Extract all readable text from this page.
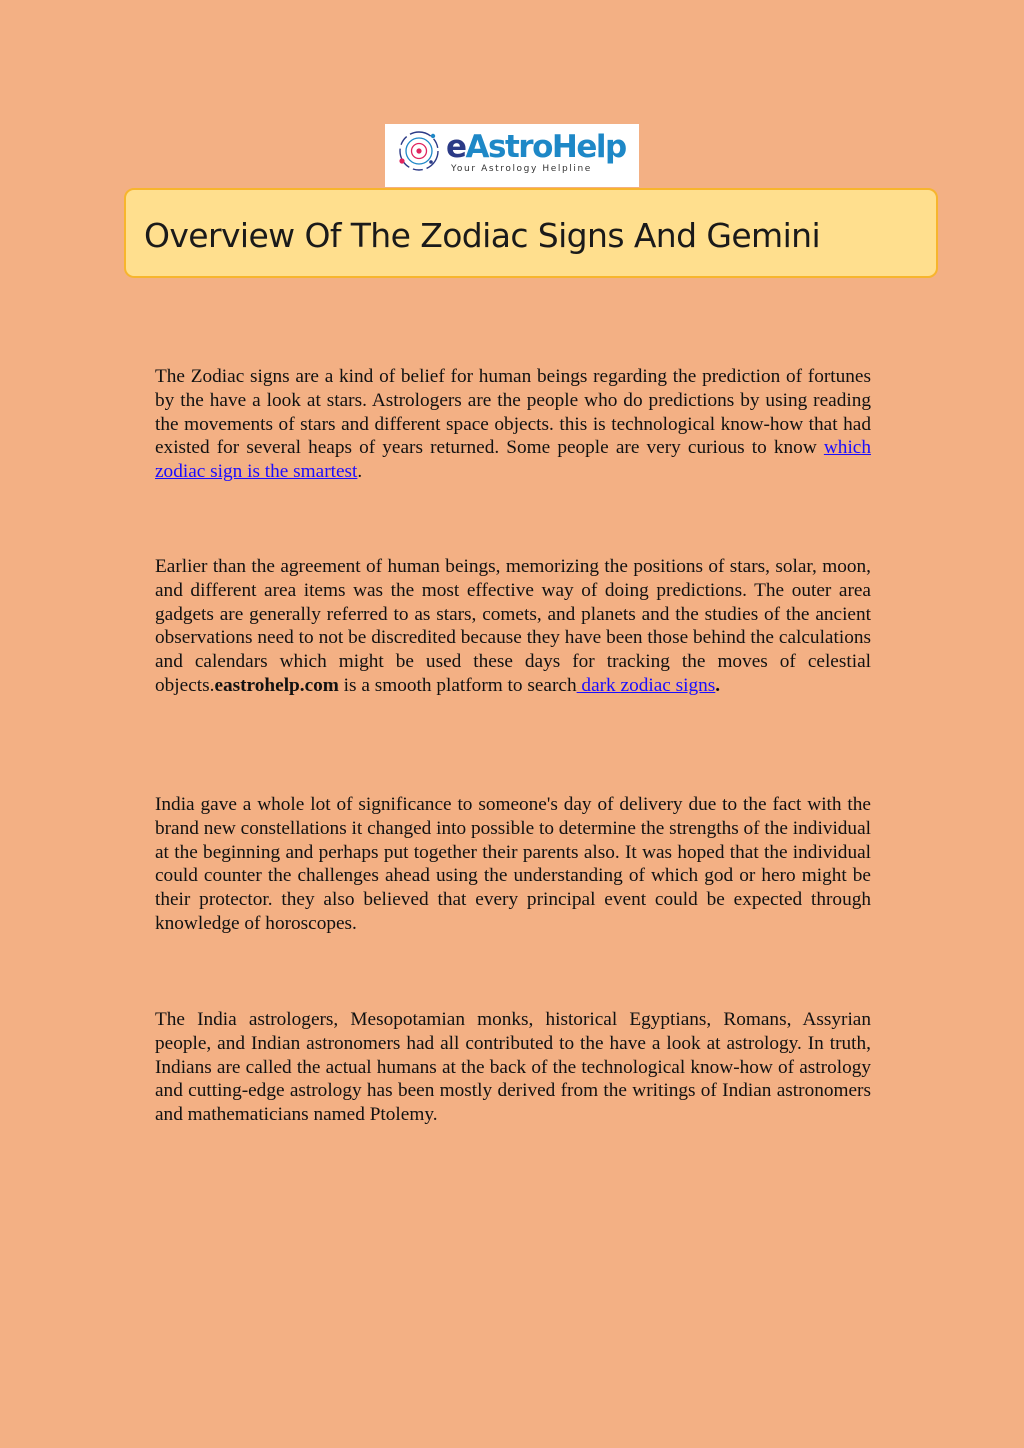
eAstroHelp
Your Astrology Helpline
Overview Of The Zodiac Signs And Gemini

The Zodiac signs are a kind of belief for human beings regarding the prediction of fortunes by the have a look at stars. Astrologers are the people who do predictions by using reading the movements of stars and different space objects. this is technological know-how that had existed for several heaps of years returned. Some people are very curious to know which zodiac sign is the smartest.

Earlier than the agreement of human beings, memorizing the positions of stars, solar, moon, and different area items was the most effective way of doing predictions. The outer area gadgets are generally referred to as stars, comets, and planets and the studies of the ancient observations need to not be discredited because they have been those behind the calculations and calendars which might be used these days for tracking the moves of celestial objects.eastrohelp.com is a smooth platform to search dark zodiac signs.

India gave a whole lot of significance to someone's day of delivery due to the fact with the brand new constellations it changed into possible to determine the strengths of the individual at the beginning and perhaps put together their parents also. It was hoped that the individual could counter the challenges ahead using the understanding of which god or hero might be their protector. they also believed that every principal event could be expected through knowledge of horoscopes.

The India astrologers, Mesopotamian monks, historical Egyptians, Romans, Assyrian people, and Indian astronomers had all contributed to the have a look at astrology. In truth, Indians are called the actual humans at the back of the technological know-how of astrology and cutting-edge astrology has been mostly derived from the writings of Indian astronomers and mathematicians named Ptolemy.
